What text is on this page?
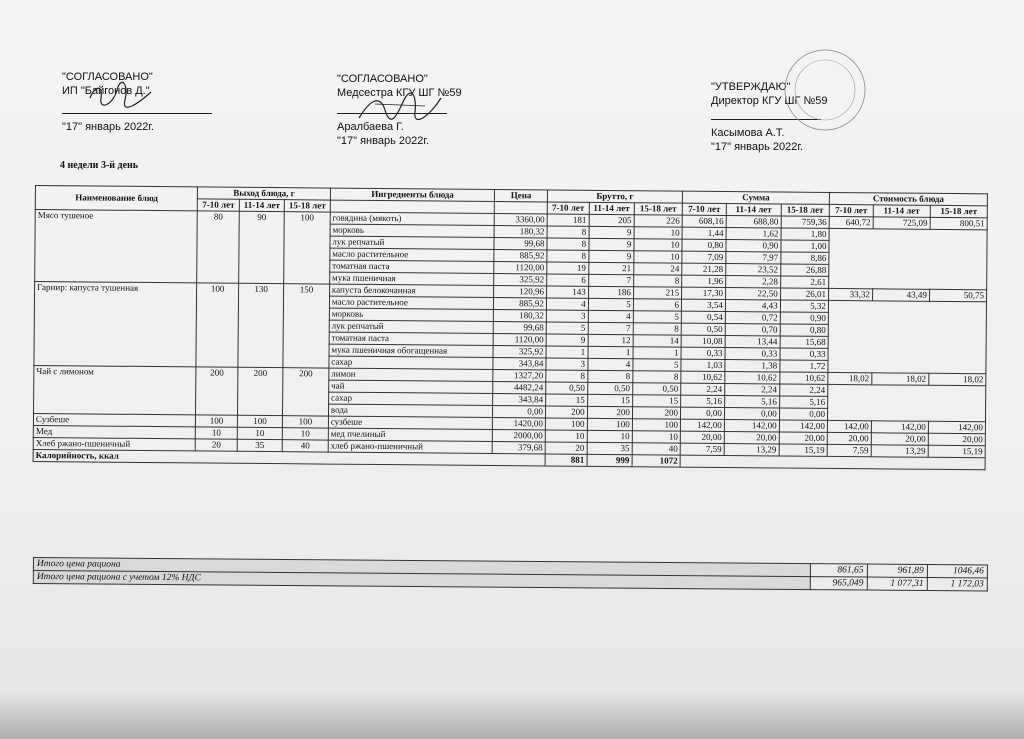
"СОГЛАСОВАНО"
ИП "Байгонов Д."
"17" январь 2022г.
"СОГЛАСОВАНО"
Медсестра КГУ ШГ №59
Аралбаева Г.
"17" январь 2022г.
"УТВЕРЖДАЮ"
Директор КГУ ШГ №59
Касымова А.Т.
"17" январь 2022г.
4 недели 3-й день
Наименование блюд	Выход блюда, г			Ингредиенты блюда	Цена	Брутто, г			Сумма			Стоимость блюда		
	7-10 лет	11-14 лет	15-18 лет			7-10 лет	11-14 лет	15-18 лет	7-10 лет	11-14 лет	15-18 лет	7-10 лет	11-14 лет	15-18 лет
Мясо тушеное	80	90	100	говядина (мякоть)	3360,00	181	205	226	608,16	688,80	759,36	640,72	725,09	800,51
				морковь	180,32	8	9	10	1,44	1,62	1,80			
				лук репчатый	99,68	8	9	10	0,80	0,90	1,00			
				масло растительное	885,92	8	9	10	7,09	7,97	8,86			
				томатная паста	1120,00	19	21	24	21,28	23,52	26,88			
				мука пшеничная	325,92	6	7	8	1,96	2,28	2,61			
Гарнир: капуста тушенная	100	130	150	капуста белокочанная	120,96	143	186	215	17,30	22,50	26,01	33,32	43,49	50,75
				масло растительное	885,92	4	5	6	3,54	4,43	5,32			
				морковь	180,32	3	4	5	0,54	0,72	0,90			
				лук репчатый	99,68	5	7	8	0,50	0,70	0,80			
				томатная паста	1120,00	9	12	14	10,08	13,44	15,68			
				мука пшеничная обогащенная	325,92	1	1	1	0,33	0,33	0,33			
				сахар	343,84	3	4	5	1,03	1,38	1,72			
Чай с лимоном	200	200	200	лимон	1327,20	8	8	8	10,62	10,62	10,62	18,02	18,02	18,02
				чай	4482,24	0,50	0,50	0,50	2,24	2,24	2,24			
				сахар	343,84	15	15	15	5,16	5,16	5,16			
				вода	0,00	200	200	200	0,00	0,00	0,00			
Сузбеше	100	100	100	сузбеше	1420,00	100	100	100	142,00	142,00	142,00	142,00	142,00	142,00
Мед	10	10	10	мед пчелиный	2000,00	10	10	10	20,00	20,00	20,00	20,00	20,00	20,00
Хлеб ржано-пшеничный	20	35	40	хлеб ржано-пшеничный	379,68	20	35	40	7,59	13,29	15,19	7,59	13,29	15,19
Калорийность, ккал						881	999	1072						
Итого цена рациона	861,65	961,89	1046,46
Итого цена рациона с учетом 12% НДС	965,049	1 077,31	1 172,03
